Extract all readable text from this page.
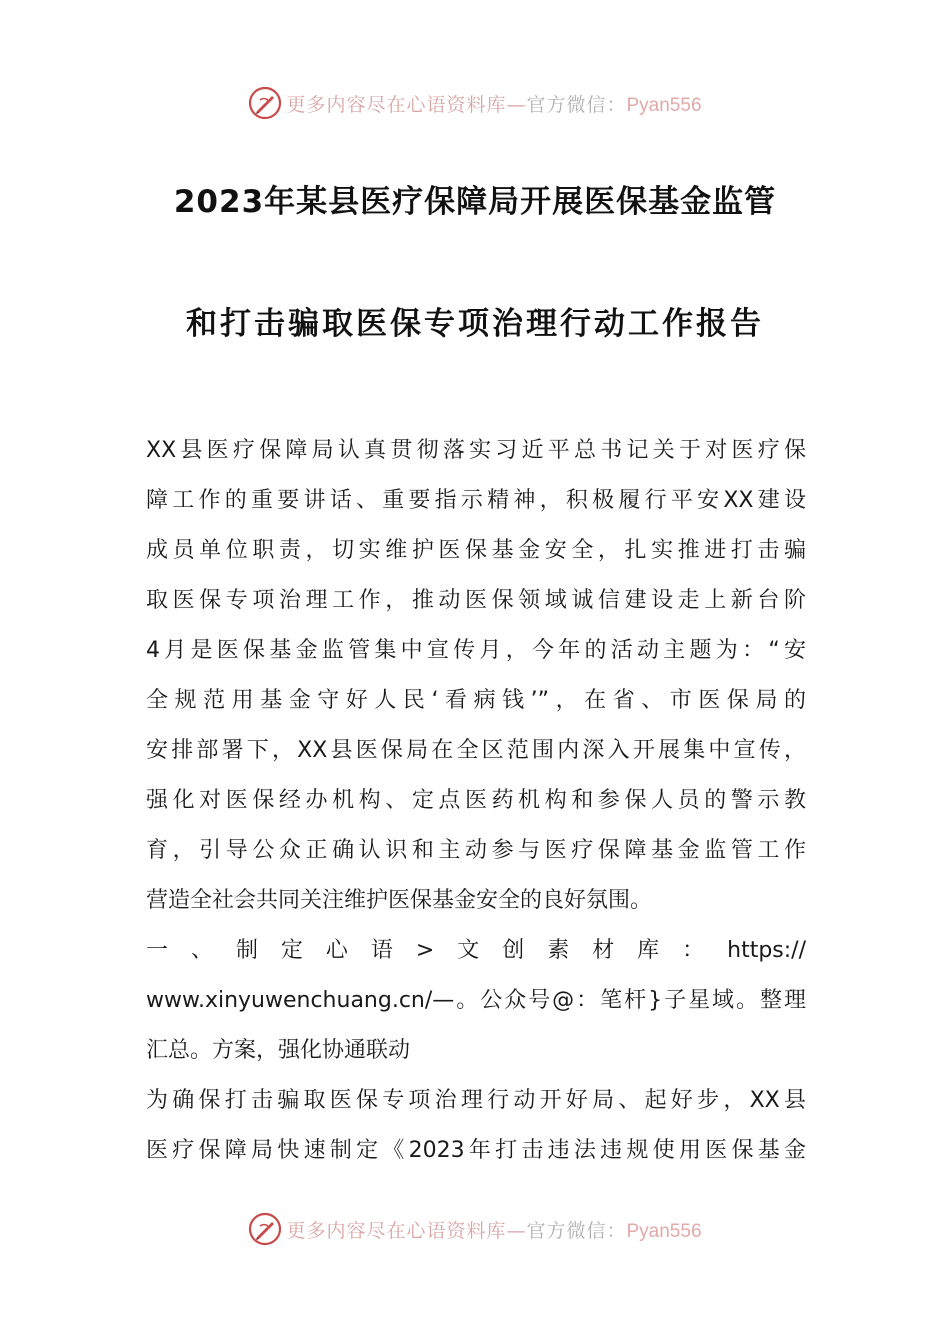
更多内容尽在心语资料库—官方微信：Pyan556
2023年某县医疗保障局开展医保基金监管
和打击骗取医保专项治理行动工作报告
XX县医疗保障局认真贯彻落实习近平总书记关于对医疗保
障工作的重要讲话、重要指示精神，积极履行平安XX建设
成员单位职责，切实维护医保基金安全，扎实推进打击骗
取医保专项治理工作，推动医保领域诚信建设走上新台阶
4月是医保基金监管集中宣传月，今年的活动主题为：“安
全规范用基金守好人民‘看病钱’”，在省、市医保局的
安排部署下，XX县医保局在全区范围内深入开展集中宣传，
强化对医保经办机构、定点医药机构和参保人员的警示教
育，引导公众正确认识和主动参与医疗保障基金监管工作
营造全社会共同关注维护医保基金安全的良好氛围。
一、制定心语>文创素材库：https://
www.xinyuwenchuang.cn/—。公众号@：笔杆}子星域。整理
汇总。方案，强化协通联动
为确保打击骗取医保专项治理行动开好局、起好步，XX县
医疗保障局快速制定《2023年打击违法违规使用医保基金
更多内容尽在心语资料库—官方微信：Pyan556
